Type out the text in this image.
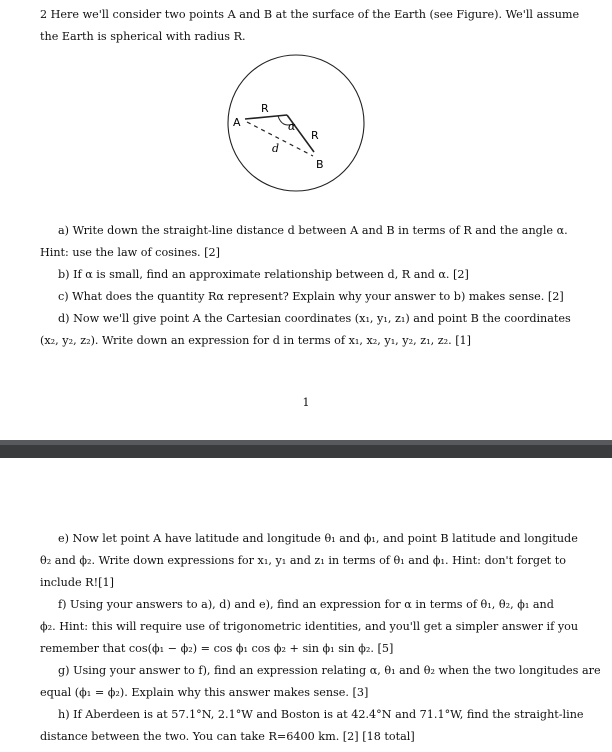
2 Here we'll consider two points A and B at the surface of the Earth (see Figure). We'll assume
the Earth is spherical with radius R.
A
B
R
R
d
α
a) Write down the straight-line distance d between A and B in terms of R and the angle α.
Hint: use the law of cosines. [2]
b) If α is small, find an approximate relationship between d, R and α. [2]
c) What does the quantity Rα represent? Explain why your answer to b) makes sense. [2]
d) Now we'll give point A the Cartesian coordinates (x₁, y₁, z₁) and point B the coordinates
(x₂, y₂, z₂). Write down an expression for d in terms of x₁, x₂, y₁, y₂, z₁, z₂. [1]
1
e) Now let point A have latitude and longitude θ₁ and ϕ₁, and point B latitude and longitude
θ₂ and ϕ₂. Write down expressions for x₁, y₁ and z₁ in terms of θ₁ and ϕ₁. Hint: don't forget to
include R![1]
f) Using your answers to a), d) and e), find an expression for α in terms of θ₁, θ₂, ϕ₁ and
ϕ₂. Hint: this will require use of trigonometric identities, and you'll get a simpler answer if you
remember that cos(ϕ₁ − ϕ₂) = cos ϕ₁ cos ϕ₂ + sin ϕ₁ sin ϕ₂. [5]
g) Using your answer to f), find an expression relating α, θ₁ and θ₂ when the two longitudes are
equal (ϕ₁ = ϕ₂). Explain why this answer makes sense. [3]
h) If Aberdeen is at 57.1°N, 2.1°W and Boston is at 42.4°N and 71.1°W, find the straight-line
distance between the two. You can take R=6400 km. [2] [18 total]
